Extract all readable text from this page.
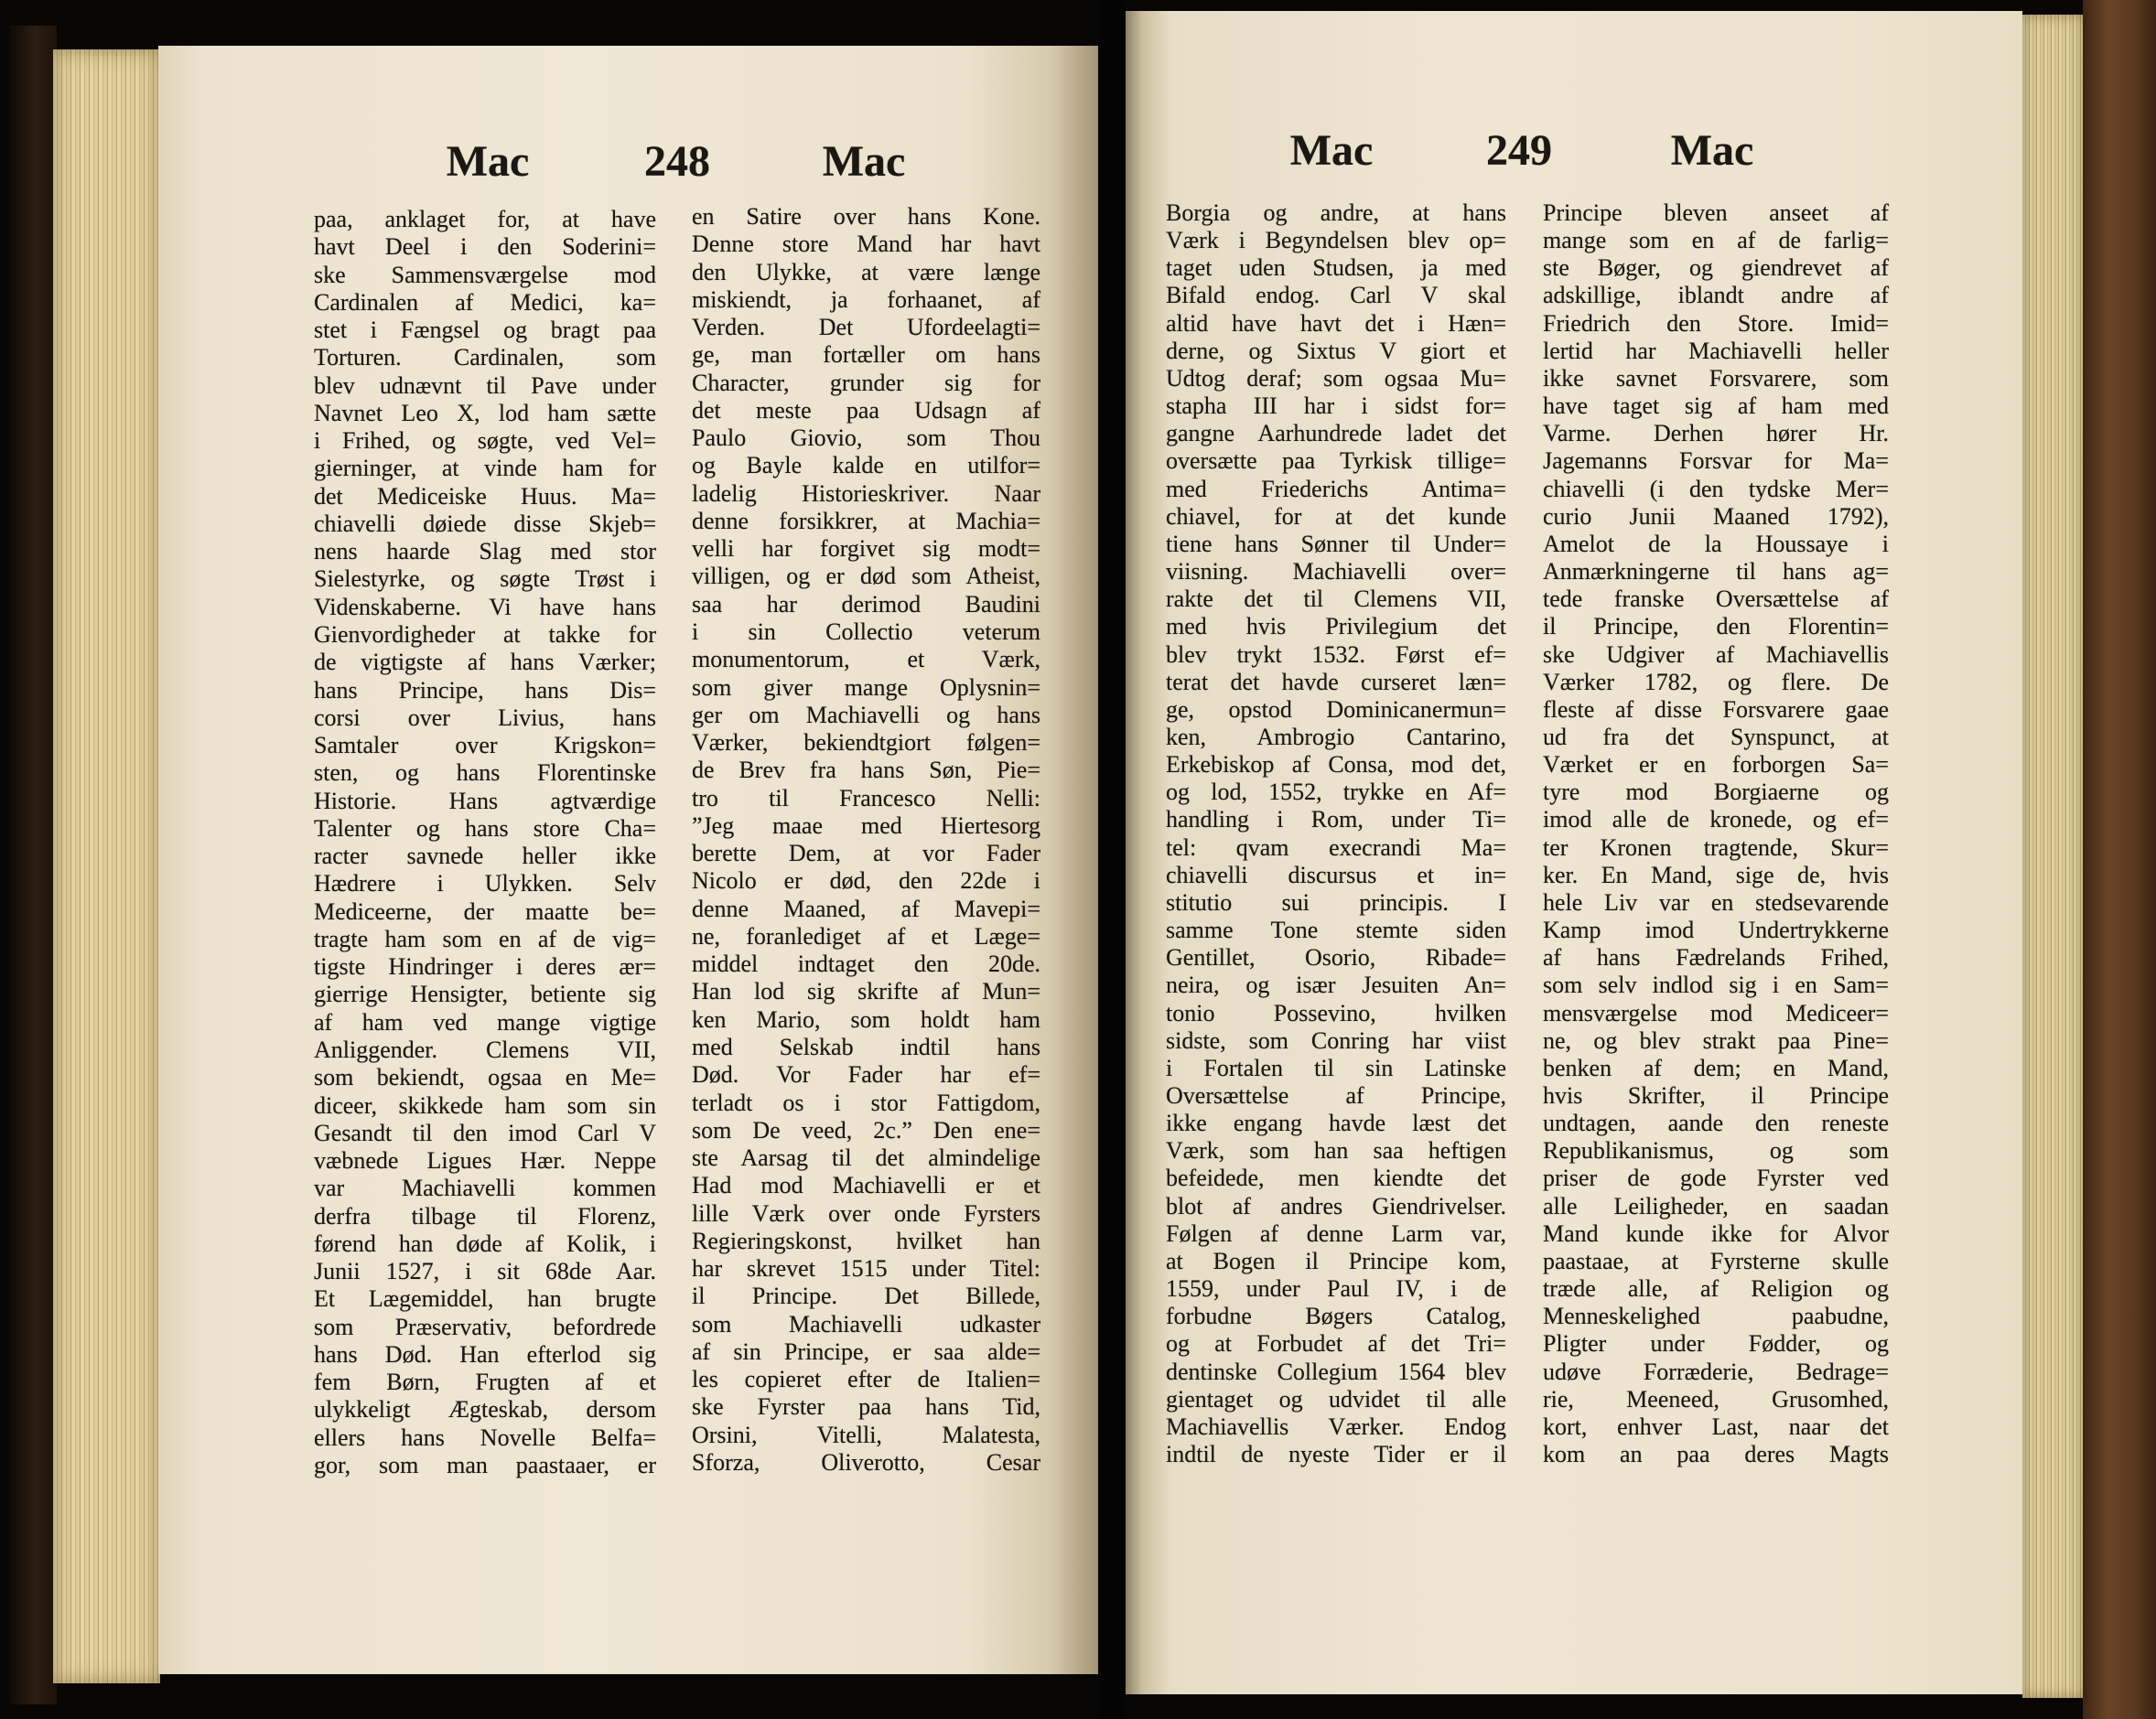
Mac	248	Mac	Mac	249	Mac
paa, anklaget for, at have
havt Deel i den Soderini=
ske Sammensværgelse mod
Cardinalen af Medici, ka=
stet i Fængsel og bragt paa
Torturen. Cardinalen, som
blev udnævnt til Pave under
Navnet Leo X, lod ham sætte
i Frihed, og søgte, ved Vel=
gierninger, at vinde ham for
det Mediceiske Huus. Ma=
chiavelli døiede disse Skjeb=
nens haarde Slag med stor
Sielestyrke, og søgte Trøst i
Videnskaberne. Vi have hans
Gienvordigheder at takke for
de vigtigste af hans Værker;
hans Principe, hans Dis=
corsi over Livius, hans
Samtaler over Krigskon=
sten, og hans Florentinske
Historie. Hans agtværdige
Talenter og hans store Cha=
racter savnede heller ikke
Hædrere i Ulykken. Selv
Mediceerne, der maatte be=
tragte ham som en af de vig=
tigste Hindringer i deres ær=
gierrige Hensigter, betiente sig
af ham ved mange vigtige
Anliggender. Clemens VII,
som bekiendt, ogsaa en Me=
diceer, skikkede ham som sin
Gesandt til den imod Carl V
væbnede Ligues Hær. Neppe
var Machiavelli kommen
derfra tilbage til Florenz,
førend han døde af Kolik, i
Junii 1527, i sit 68de Aar.
Et Lægemiddel, han brugte
som Præservativ, befordrede
hans Død. Han efterlod sig
fem Børn, Frugten af et
ulykkeligt Ægteskab, dersom
ellers hans Novelle Belfa=
gor, som man paastaaer, er
en Satire over hans Kone.
Denne store Mand har havt
den Ulykke, at være længe
miskiendt, ja forhaanet, af
Verden. Det Ufordeelagti=
ge, man fortæller om hans
Character, grunder sig for
det meste paa Udsagn af
Paulo Giovio, som Thou
og Bayle kalde en utilfor=
ladelig Historieskriver. Naar
denne forsikkrer, at Machia=
velli har forgivet sig modt=
villigen, og er død som Atheist,
saa har derimod Baudini
i sin Collectio veterum
monumentorum, et Værk,
som giver mange Oplysnin=
ger om Machiavelli og hans
Værker, bekiendtgiort følgen=
de Brev fra hans Søn, Pie=
tro til Francesco Nelli:
”Jeg maae med Hiertesorg
berette Dem, at vor Fader
Nicolo er død, den 22de i
denne Maaned, af Mavepi=
ne, foranlediget af et Læge=
middel indtaget den 20de.
Han lod sig skrifte af Mun=
ken Mario, som holdt ham
med Selskab indtil hans
Død. Vor Fader har ef=
terladt os i stor Fattigdom,
som De veed, 2c.” Den ene=
ste Aarsag til det almindelige
Had mod Machiavelli er et
lille Værk over onde Fyrsters
Regieringskonst, hvilket han
har skrevet 1515 under Titel:
il Principe. Det Billede,
som Machiavelli udkaster
af sin Principe, er saa alde=
les copieret efter de Italien=
ske Fyrster paa hans Tid,
Orsini, Vitelli, Malatesta,
Sforza, Oliverotto, Cesar
Borgia og andre, at hans
Værk i Begyndelsen blev op=
taget uden Studsen, ja med
Bifald endog. Carl V skal
altid have havt det i Hæn=
derne, og Sixtus V giort et
Udtog deraf; som ogsaa Mu=
stapha III har i sidst for=
gangne Aarhundrede ladet det
oversætte paa Tyrkisk tillige=
med Friederichs Antima=
chiavel, for at det kunde
tiene hans Sønner til Under=
viisning. Machiavelli over=
rakte det til Clemens VII,
med hvis Privilegium det
blev trykt 1532. Først ef=
terat det havde curseret læn=
ge, opstod Dominicanermun=
ken, Ambrogio Cantarino,
Erkebiskop af Consa, mod det,
og lod, 1552, trykke en Af=
handling i Rom, under Ti=
tel: qvam execrandi Ma=
chiavelli discursus et in=
stitutio sui principis. I
samme Tone stemte siden
Gentillet, Osorio, Ribade=
neira, og især Jesuiten An=
tonio Possevino, hvilken
sidste, som Conring har viist
i Fortalen til sin Latinske
Oversættelse af Principe,
ikke engang havde læst det
Værk, som han saa heftigen
befeidede, men kiendte det
blot af andres Giendrivelser.
Følgen af denne Larm var,
at Bogen il Principe kom,
1559, under Paul IV, i de
forbudne Bøgers Catalog,
og at Forbudet af det Tri=
dentinske Collegium 1564 blev
gientaget og udvidet til alle
Machiavellis Værker. Endog
indtil de nyeste Tider er il
Principe bleven anseet af
mange som en af de farlig=
ste Bøger, og giendrevet af
adskillige, iblandt andre af
Friedrich den Store. Imid=
lertid har Machiavelli heller
ikke savnet Forsvarere, som
have taget sig af ham med
Varme. Derhen hører Hr.
Jagemanns Forsvar for Ma=
chiavelli (i den tydske Mer=
curio Junii Maaned 1792),
Amelot de la Houssaye i
Anmærkningerne til hans ag=
tede franske Oversættelse af
il Principe, den Florentin=
ske Udgiver af Machiavellis
Værker 1782, og flere. De
fleste af disse Forsvarere gaae
ud fra det Synspunct, at
Værket er en forborgen Sa=
tyre mod Borgiaerne og
imod alle de kronede, og ef=
ter Kronen tragtende, Skur=
ker. En Mand, sige de, hvis
hele Liv var en stedsevarende
Kamp imod Undertrykkerne
af hans Fædrelands Frihed,
som selv indlod sig i en Sam=
mensværgelse mod Mediceer=
ne, og blev strakt paa Pine=
benken af dem; en Mand,
hvis Skrifter, il Principe
undtagen, aande den reneste
Republikanismus, og som
priser de gode Fyrster ved
alle Leiligheder, en saadan
Mand kunde ikke for Alvor
paastaae, at Fyrsterne skulle
træde alle, af Religion og
Menneskelighed paabudne,
Pligter under Fødder, og
udøve Forræderie, Bedrage=
rie, Meeneed, Grusomhed,
kort, enhver Last, naar det
kom an paa deres Magts
